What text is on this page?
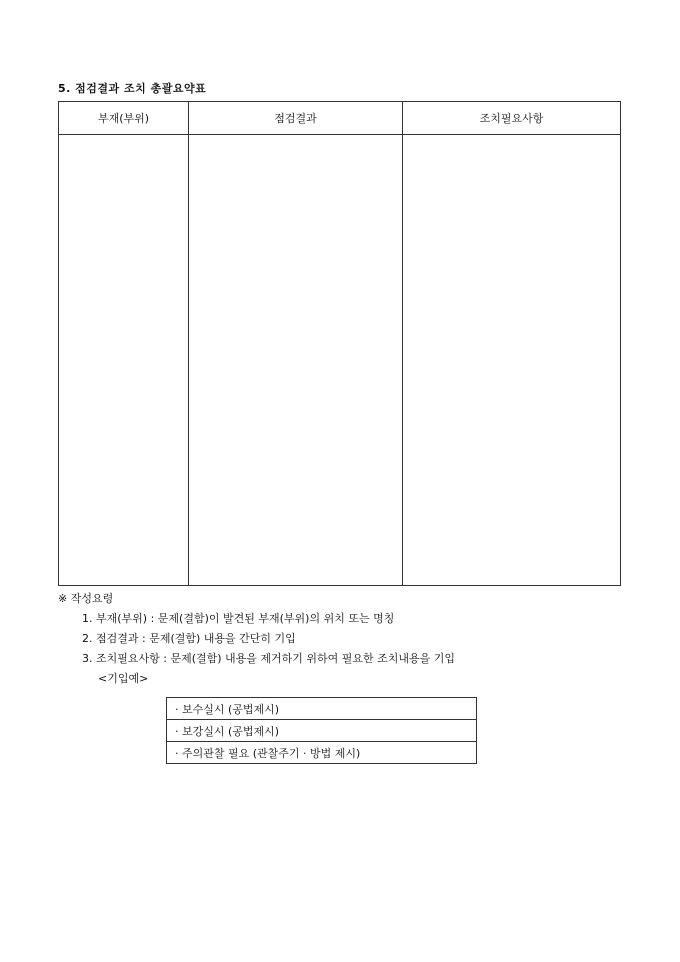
5. 점검결과 조치 총괄요약표
부재(부위)	점검결과	조치필요사항

※ 작성요령
1. 부재(부위) : 문제(결함)이 발견된 부재(부위)의 위치 또는 명칭
2. 점검결과 : 문제(결함) 내용을 간단히 기입
3. 조치필요사항 : 문제(결함) 내용을 제거하기 위하여 필요한 조치내용을 기입
<기입예>
· 보수실시 (공법제시)
· 보강실시 (공법제시)
· 주의관찰 필요 (관찰주기 · 방법 제시)
